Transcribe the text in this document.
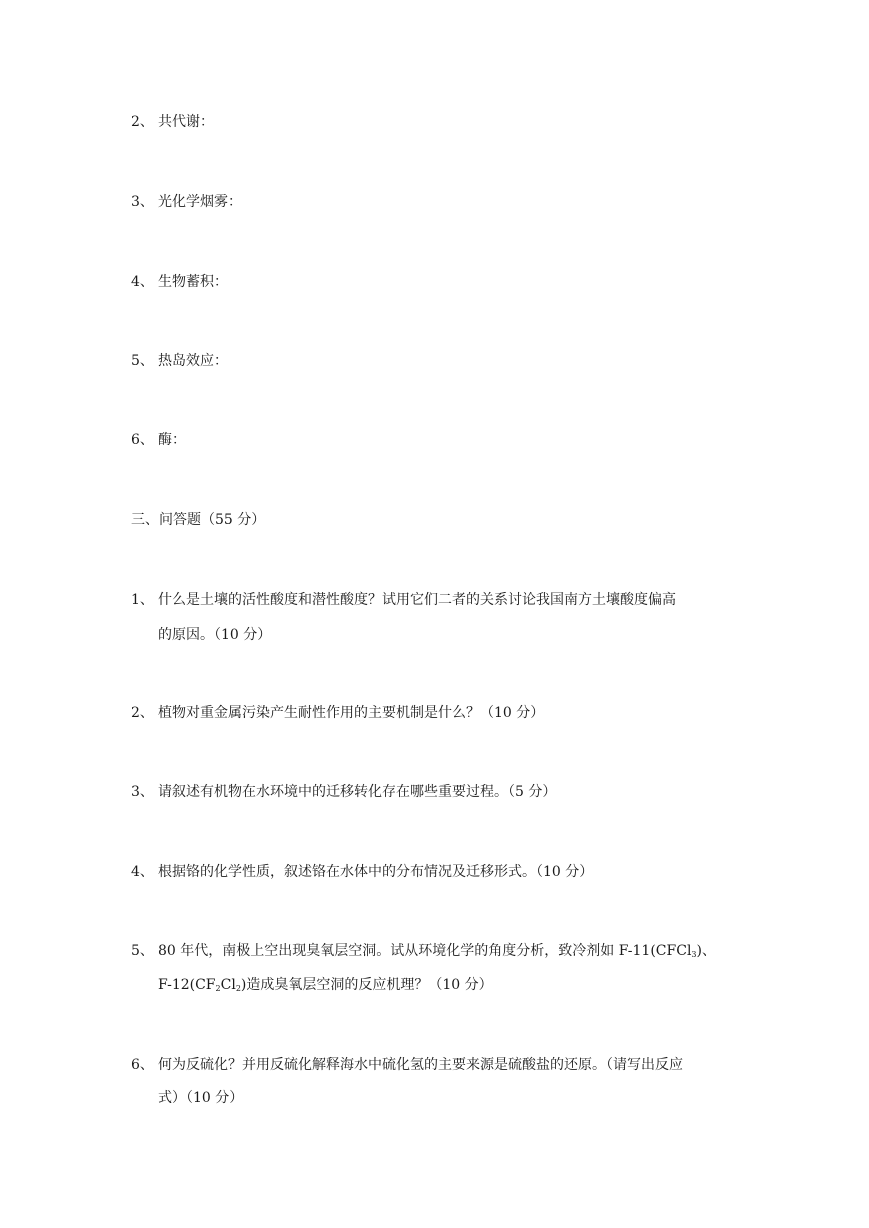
2、 共代谢：
3、 光化学烟雾：
4、 生物蓄积：
5、 热岛效应：
6、 酶：
三、问答题（55 分）
1、 什么是土壤的活性酸度和潜性酸度？试用它们二者的关系讨论我国南方土壤酸度偏高
的原因。（10 分）
2、 植物对重金属污染产生耐性作用的主要机制是什么？（10 分）
3、 请叙述有机物在水环境中的迁移转化存在哪些重要过程。（5 分）
4、 根据铬的化学性质，叙述铬在水体中的分布情况及迁移形式。（10 分）
5、 80 年代，南极上空出现臭氧层空洞。试从环境化学的角度分析，致冷剂如 F-11(CFCl$_3$)、
$F-12(CF_2Cl_2)$造成臭氧层空洞的反应机理？（10 分）
6、 何为反硫化？并用反硫化解释海水中硫化氢的主要来源是硫酸盐的还原。（请写出反应
式）（10 分）
